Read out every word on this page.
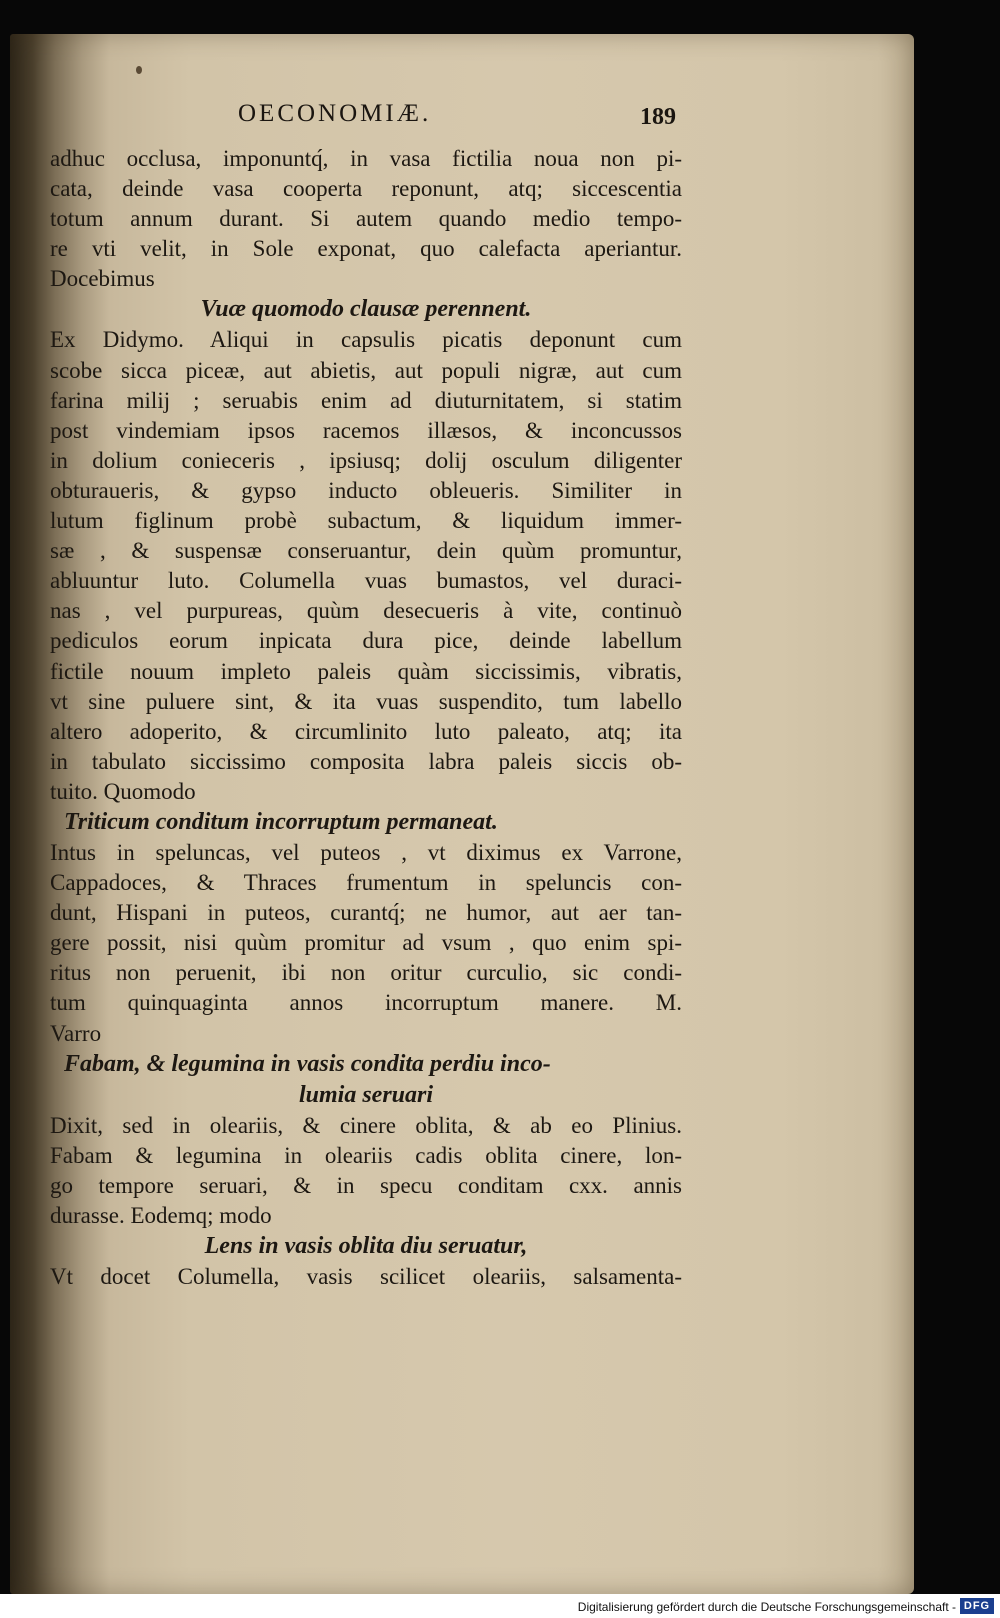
OECONOMIÆ.	189
adhuc occlusa, imponuntq́, in vasa fictilia noua non pi-
cata, deinde vasa cooperta reponunt, atq; siccescentia
totum annum durant. Si autem quando medio tempo-
re vti velit, in Sole exponat, quo calefacta aperiantur.
Docebimus
Vuæ quomodo clausæ perennent.
Ex Didymo. Aliqui in capsulis picatis deponunt cum
scobe sicca piceæ, aut abietis, aut populi nigræ, aut cum
farina milij ; seruabis enim ad diuturnitatem, si statim
post vindemiam ipsos racemos illæsos, & inconcussos
in dolium conieceris , ipsiusq; dolij osculum diligenter
obturaueris, & gypso inducto obleueris. Similiter in
lutum figlinum probè subactum, & liquidum immer-
sæ , & suspensæ conseruantur, dein quùm promuntur,
abluuntur luto. Columella vuas bumastos, vel duraci-
nas , vel purpureas, quùm desecueris à vite, continuò
pediculos eorum inpicata dura pice, deinde labellum
fictile nouum impleto paleis quàm siccissimis, vibratis,
vt sine puluere sint, & ita vuas suspendito, tum labello
altero adoperito, & circumlinito luto paleato, atq; ita
in tabulato siccissimo composita labra paleis siccis ob-
tuito. Quomodo
Triticum conditum incorruptum permaneat.
Intus in speluncas, vel puteos , vt diximus ex Varrone,
Cappadoces, & Thraces frumentum in speluncis con-
dunt, Hispani in puteos, curantq́; ne humor, aut aer tan-
gere possit, nisi quùm promitur ad vsum , quo enim spi-
ritus non peruenit, ibi non oritur curculio, sic condi-
tum quinquaginta annos incorruptum manere. M.
Varro
Fabam, & legumina in vasis condita perdiu inco-
lumia seruari
Dixit, sed in oleariis, & cinere oblita, & ab eo Plinius.
Fabam & legumina in oleariis cadis oblita cinere, lon-
go tempore seruari, & in specu conditam cxx. annis
durasse. Eodemq; modo
Lens in vasis oblita diu seruatur,
Vt docet Columella, vasis scilicet oleariis, salsamenta-
Digitalisierung gefördert durch die Deutsche Forschungsgemeinschaft - DFG
